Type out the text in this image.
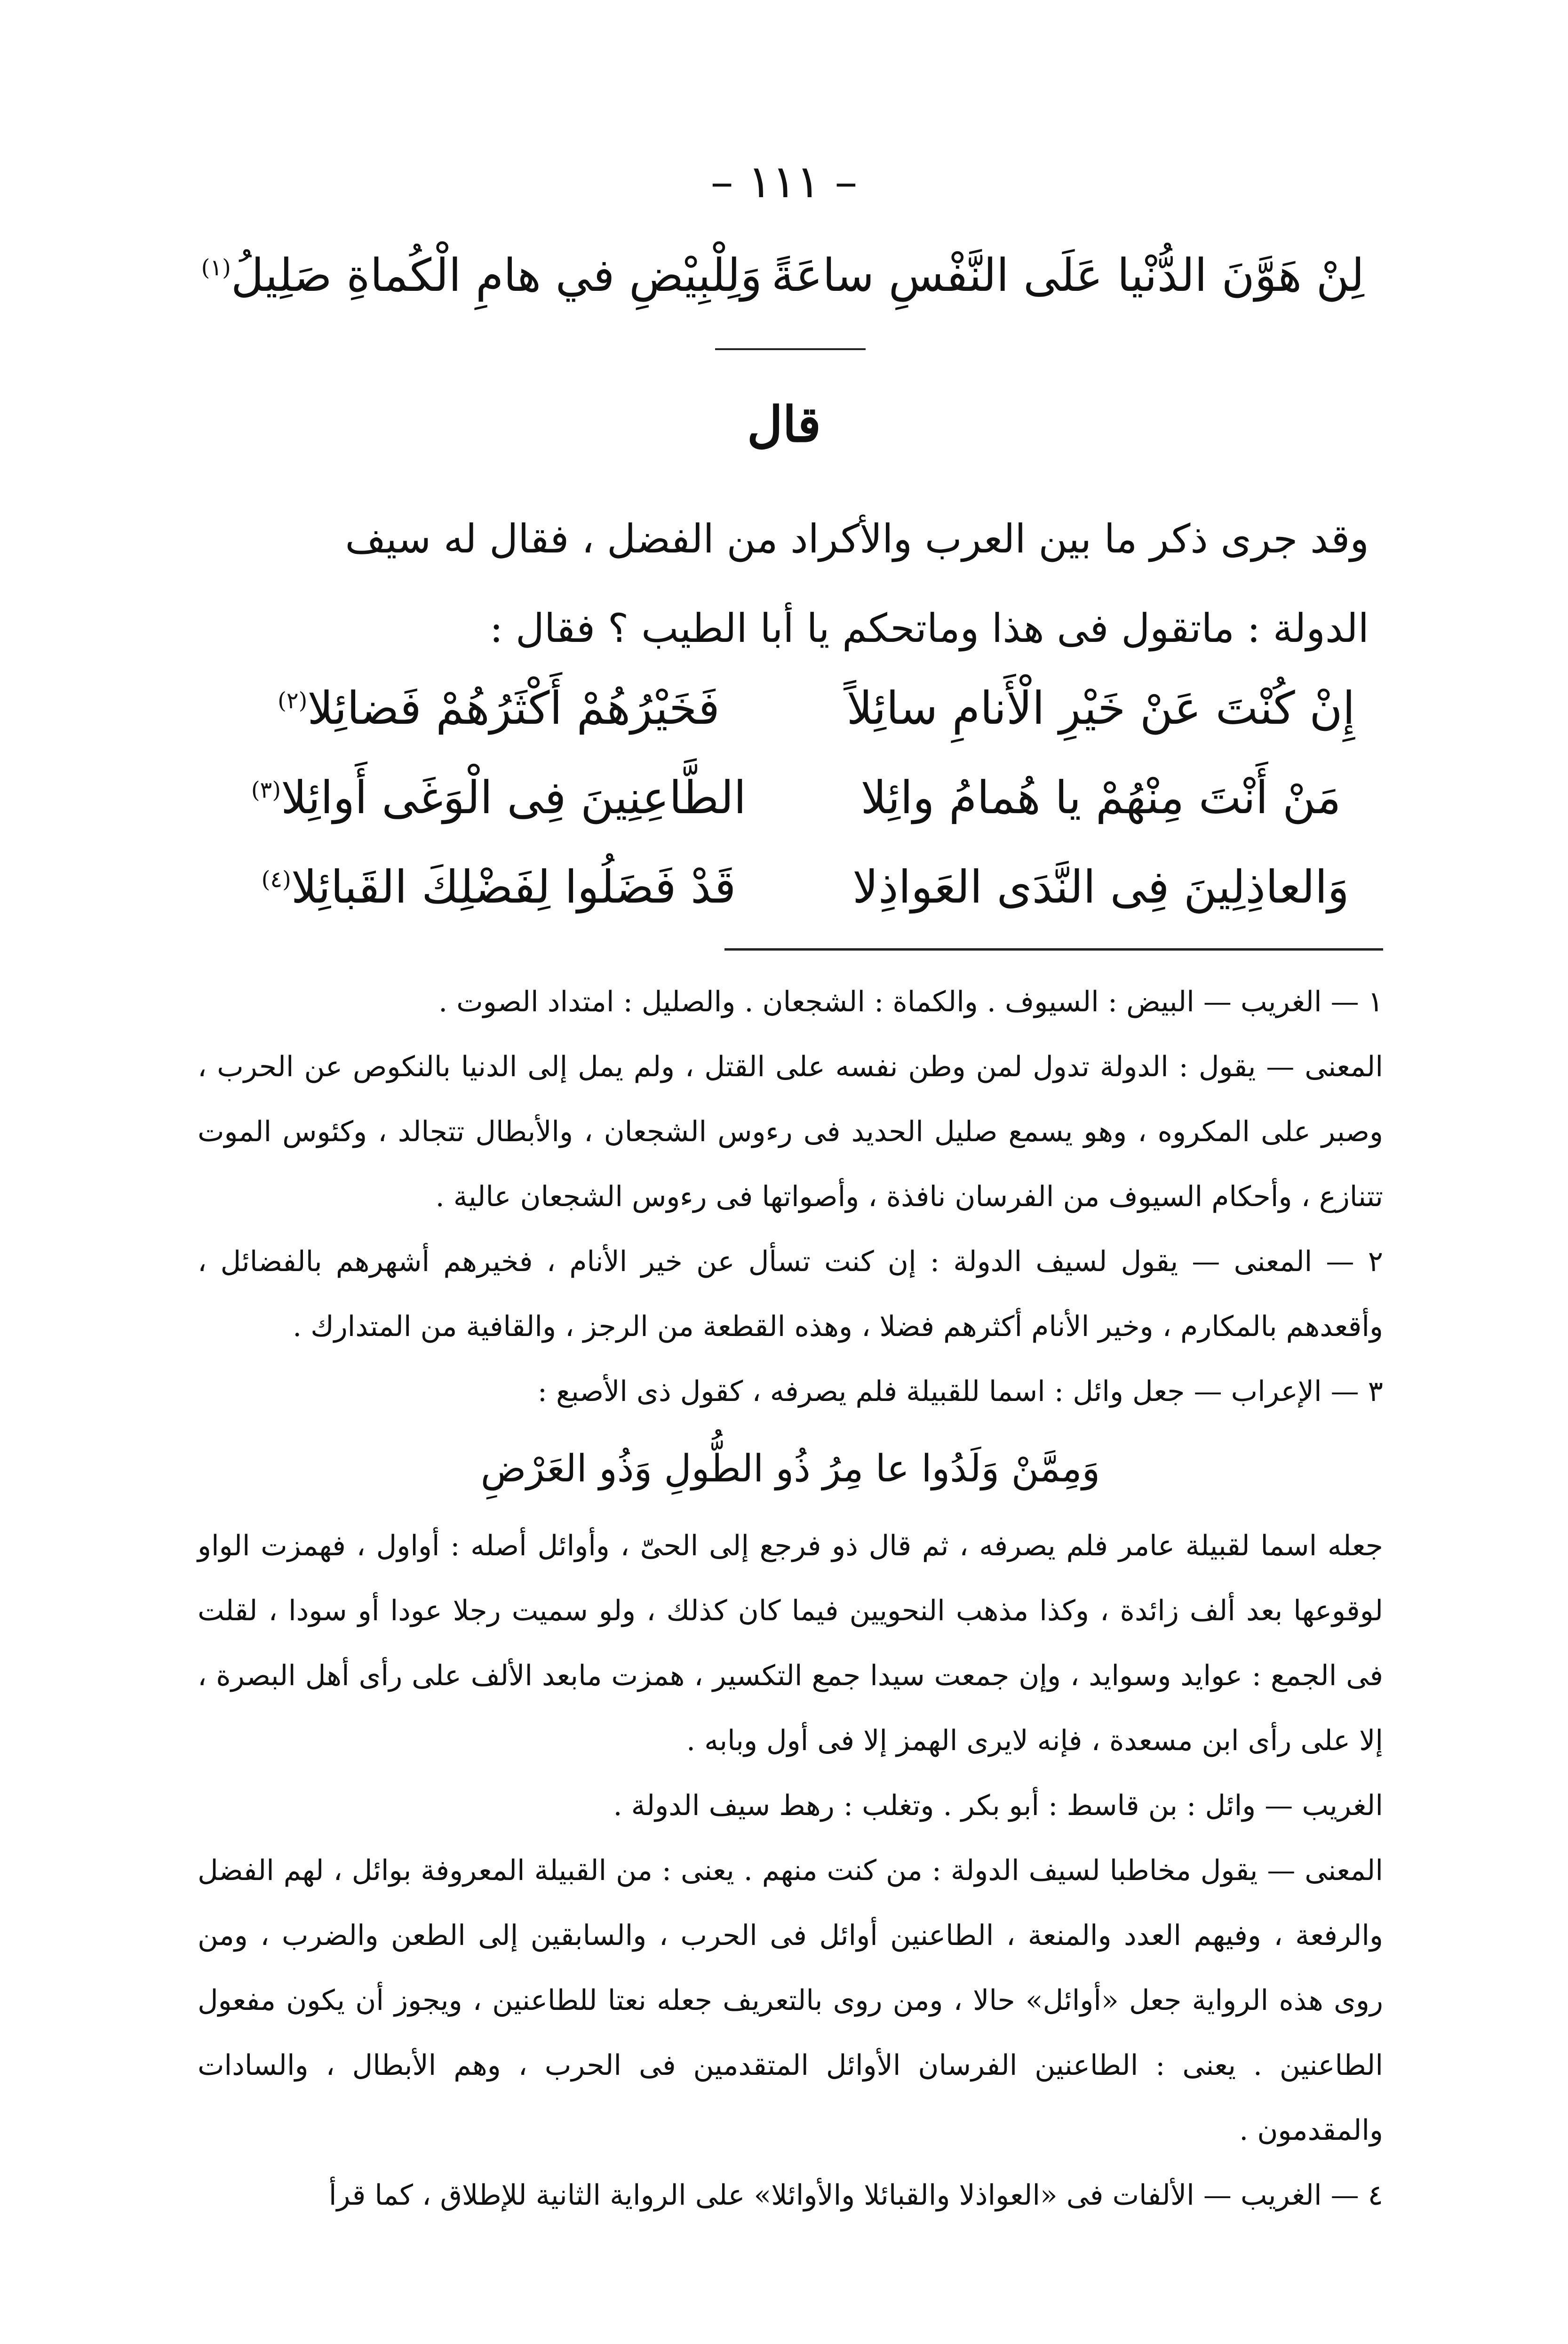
– ١١١ –
لِنْ هَوَّنَ الدُّنْيا عَلَى النَّفْسِ ساعَةً
وَلِلْبِيْضِ في هامِ الْكُماةِ صَلِيلُ$^{(١)}$
قال
وقد جرى ذكر ما بين العرب والأكراد من الفضل ، فقال له سيف
الدولة : ماتقول فى هذا وماتحكم يا أبا الطيب ؟ فقال :
إِنْ كُنْتَ عَنْ خَيْرِ الْأَنامِ سائِلاً
فَخَيْرُهُمْ أَكْثَرُهُمْ فَضائِلا$^{(٢)}$
مَنْ أَنْتَ مِنْهُمْ يا هُمامُ وائِلا
الطَّاعِنِينَ فِى الْوَغَى أَوائِلا$^{(٣)}$
وَالعاذِلِينَ فِى النَّدَى العَواذِلا
قَدْ فَضَلُوا لِفَضْلِكَ القَبائِلا$^{(٤)}$

١ — الغريب — البيض : السيوف . والكماة : الشجعان . والصليل : امتداد الصوت .

المعنى — يقول : الدولة تدول لمن وطن نفسه على القتل ، ولم يمل إلى الدنيا بالنكوص عن الحرب ، وصبر على المكروه ، وهو يسمع صليل الحديد فى رءوس الشجعان ، والأبطال تتجالد ، وكئوس الموت تتنازع ، وأحكام السيوف من الفرسان نافذة ، وأصواتها فى رءوس الشجعان عالية .

٢ — المعنى — يقول لسيف الدولة : إن كنت تسأل عن خير الأنام ، فخيرهم أشهرهم بالفضائل ، وأقعدهم بالمكارم ، وخير الأنام أكثرهم فضلا ، وهذه القطعة من الرجز ، والقافية من المتدارك .

٣ — الإعراب — جعل وائل : اسما للقبيلة فلم يصرفه ، كقول ذى الأصبع :

وَمِمَّنْ وَلَدُوا عا مِرُ ذُو الطُّولِ وَذُو العَرْضِ

جعله اسما لقبيلة عامر فلم يصرفه ، ثم قال ذو فرجع إلى الحىّ ، وأوائل أصله : أواول ، فهمزت الواو لوقوعها بعد ألف زائدة ، وكذا مذهب النحويين فيما كان كذلك ، ولو سميت رجلا عودا أو سودا ، لقلت فى الجمع : عوايد وسوايد ، وإن جمعت سيدا جمع التكسير ، همزت مابعد الألف على رأى أهل البصرة ، إلا على رأى ابن مسعدة ، فإنه لايرى الهمز إلا فى أول وبابه .

الغريب — وائل : بن قاسط : أبو بكر . وتغلب : رهط سيف الدولة .

المعنى — يقول مخاطبا لسيف الدولة : من كنت منهم . يعنى : من القبيلة المعروفة بوائل ، لهم الفضل والرفعة ، وفيهم العدد والمنعة ، الطاعنين أوائل فى الحرب ، والسابقين إلى الطعن والضرب ، ومن روى هذه الرواية جعل «أوائل» حالا ، ومن روى بالتعريف جعله نعتا للطاعنين ، ويجوز أن يكون مفعول الطاعنين . يعنى : الطاعنين الفرسان الأوائل المتقدمين فى الحرب ، وهم الأبطال ، والسادات والمقدمون .

٤ — الغريب — الألفات فى «العواذلا والقبائلا والأوائلا» على الرواية الثانية للإطلاق ، كما قرأ
